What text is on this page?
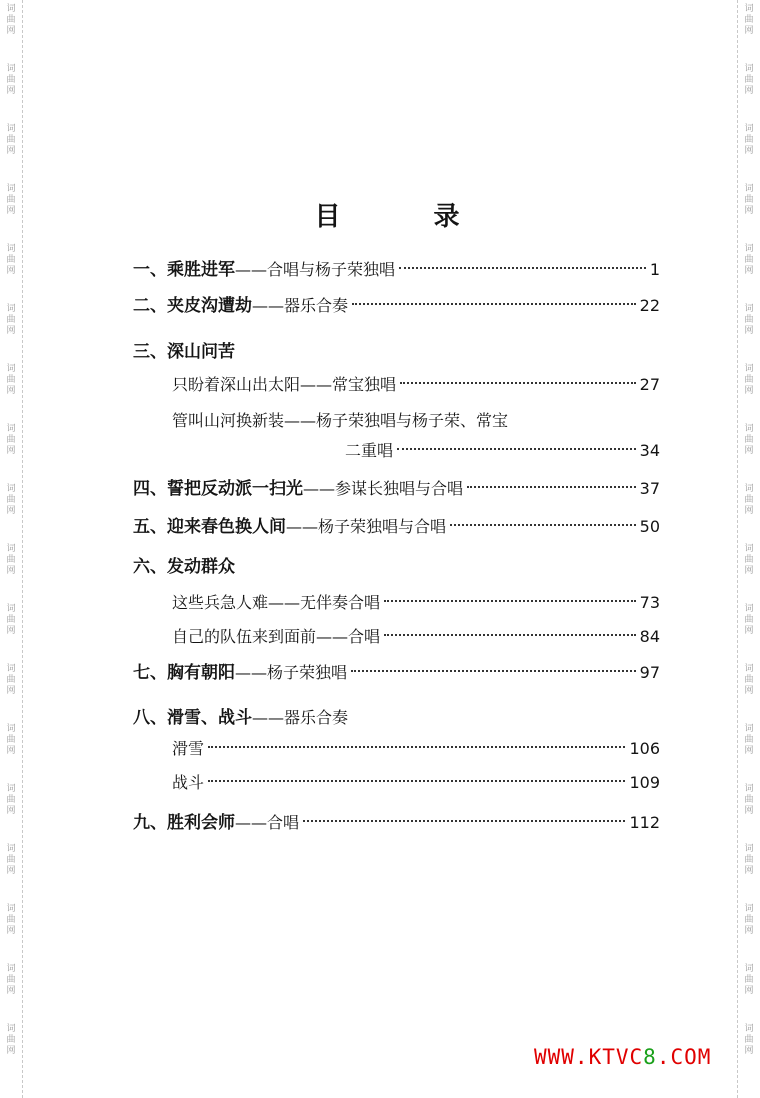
词
曲
网
词
曲
网
词
曲
网
词
曲
网
词
曲
网
词
曲
网
词
曲
网
词
曲
网
词
曲
网
词
曲
网
词
曲
网
词
曲
网
词
曲
网
词
曲
网
词
曲
网
词
曲
网
词
曲
网
词
曲
网
词
曲
网
词
曲
网
词
曲
网
词
曲
网
词
曲
网
词
曲
网
词
曲
网
词
曲
网
词
曲
网
词
曲
网
词
曲
网
词
曲
网
词
曲
网
词
曲
网
词
曲
网
词
曲
网
词
曲
网
词
曲
网
目 录
一、 乘胜进军 ——合唱与杨子荣独唱	1
二、 夹皮沟遭劫 ——器乐合奏	22
三、 深山问苦
只盼着深山出太阳——常宝独唱	27
管叫山河换新装——杨子荣独唱与杨子荣、常宝
二重唱	34
四、 誓把反动派一扫光 ——参谋长独唱与合唱	37
五、 迎来春色换人间 ——杨子荣独唱与合唱	50
六、 发动群众
这些兵急人难——无伴奏合唱	73
自己的队伍来到面前——合唱	84
七、 胸有朝阳 ——杨子荣独唱	97
八、 滑雪、战斗 ——器乐合奏
滑雪	106
战斗	109
九、 胜利会师 ——合唱	112
WWW.KTVC8.COM
